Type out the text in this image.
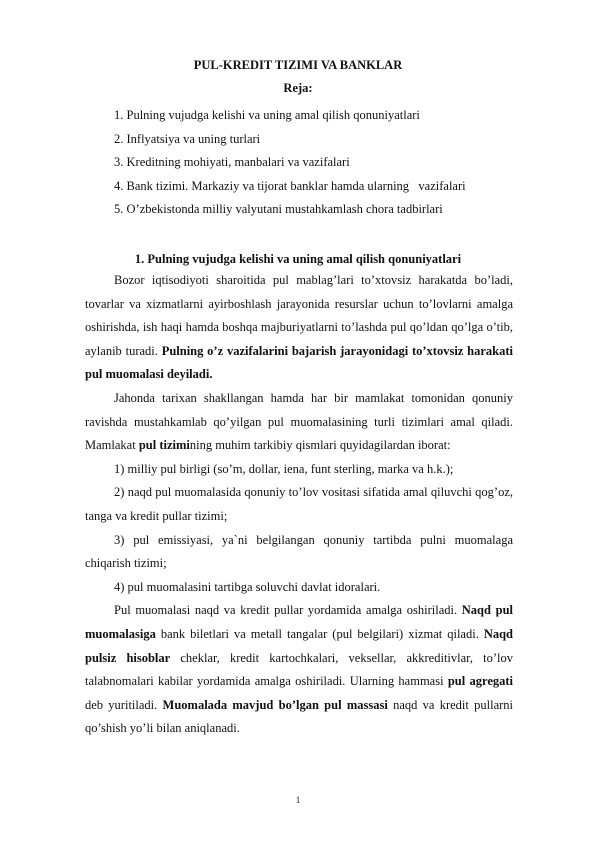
PUL-KREDIT TIZIMI VA BANKLAR
Reja:
1. Pulning vujudga kelishi va uning amal qilish qonuniyatlari
2. Inflyatsiya va uning turlari
3. Kreditning mohiyati, manbalari va vazifalari
4. Bank tizimi. Markaziy va tijorat banklar hamda ularning   vazifalari
5. O’zbekistonda milliy valyutani mustahkamlash chora tadbirlari
1. Pulning vujudga kelishi va uning amal qilish qonuniyatlari

Bozor iqtisodiyoti sharoitida pul mablag’lari to’xtovsiz harakatda bo’ladi, tovarlar va xizmatlarni ayirboshlash jarayonida resurslar uchun to’lovlarni amalga oshirishda, ish haqi hamda boshqa majburiyatlarni to’lashda pul qo’ldan qo’lga o’tib, aylanib turadi. Pulning o’z vazifalarini bajarish jarayonidagi to’xtovsiz harakati pul muomalasi deyiladi.

Jahonda tarixan shakllangan hamda har bir mamlakat tomonidan qonuniy ravishda mustahkamlab qo’yilgan pul muomalasining turli tizimlari amal qiladi. Mamlakat pul tizimining muhim tarkibiy qismlari quyidagilardan iborat:

1) milliy pul birligi (so’m, dollar, iena, funt sterling, marka va h.k.);

2) naqd pul muomalasida qonuniy to’lov vositasi sifatida amal qiluvchi qog’oz, tanga va kredit pullar tizimi;

3) pul emissiyasi, ya`ni belgilangan qonuniy tartibda pulni muomalaga chiqarish tizimi;

4) pul muomalasini tartibga soluvchi davlat idoralari.

Pul muomalasi naqd va kredit pullar yordamida amalga oshiriladi. Naqd pul muomalasiga bank biletlari va metall tangalar (pul belgilari) xizmat qiladi. Naqd pulsiz hisoblar cheklar, kredit kartochkalari, veksellar, akkreditivlar, to’lov talabnomalari kabilar yordamida amalga oshiriladi. Ularning hammasi pul agregati deb yuritiladi. Muomalada mavjud bo’lgan pul massasi naqd va kredit pullarni qo’shish yo’li bilan aniqlanadi.

1
